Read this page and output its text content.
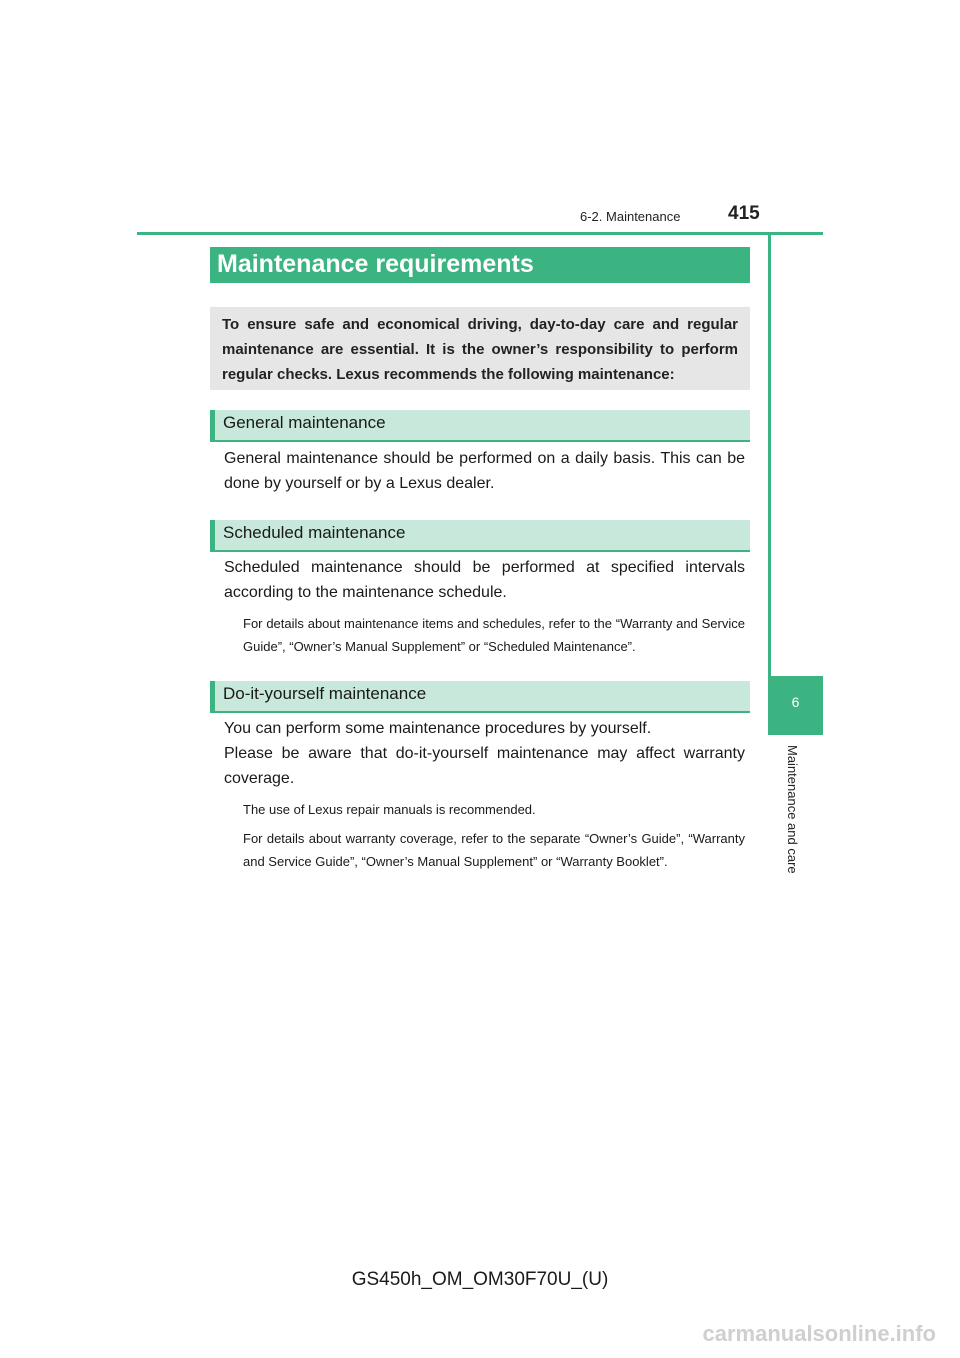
6-2. Maintenance	415
6
Maintenance and care
Maintenance requirements

To ensure safe and economical driving, day-to-day care and regular maintenance are essential. It is the owner’s responsibility to perform regular checks. Lexus recommends the following maintenance:

General maintenance

General maintenance should be performed on a daily basis. This can be done by yourself or by a Lexus dealer.

Scheduled maintenance

Scheduled maintenance should be performed at specified intervals according to the maintenance schedule.

For details about maintenance items and schedules, refer to the “Warranty and Service Guide”, “Owner’s Manual Supplement” or “Scheduled Maintenance”.

Do-it-yourself maintenance

You can perform some maintenance procedures by yourself.

Please be aware that do-it-yourself maintenance may affect warranty coverage.

The use of Lexus repair manuals is recommended.

For details about warranty coverage, refer to the separate “Owner’s Guide”, “Warranty and Service Guide”, “Owner’s Manual Supplement” or “Warranty Booklet”.

GS450h_OM_OM30F70U_(U)
carmanualsonline.info
